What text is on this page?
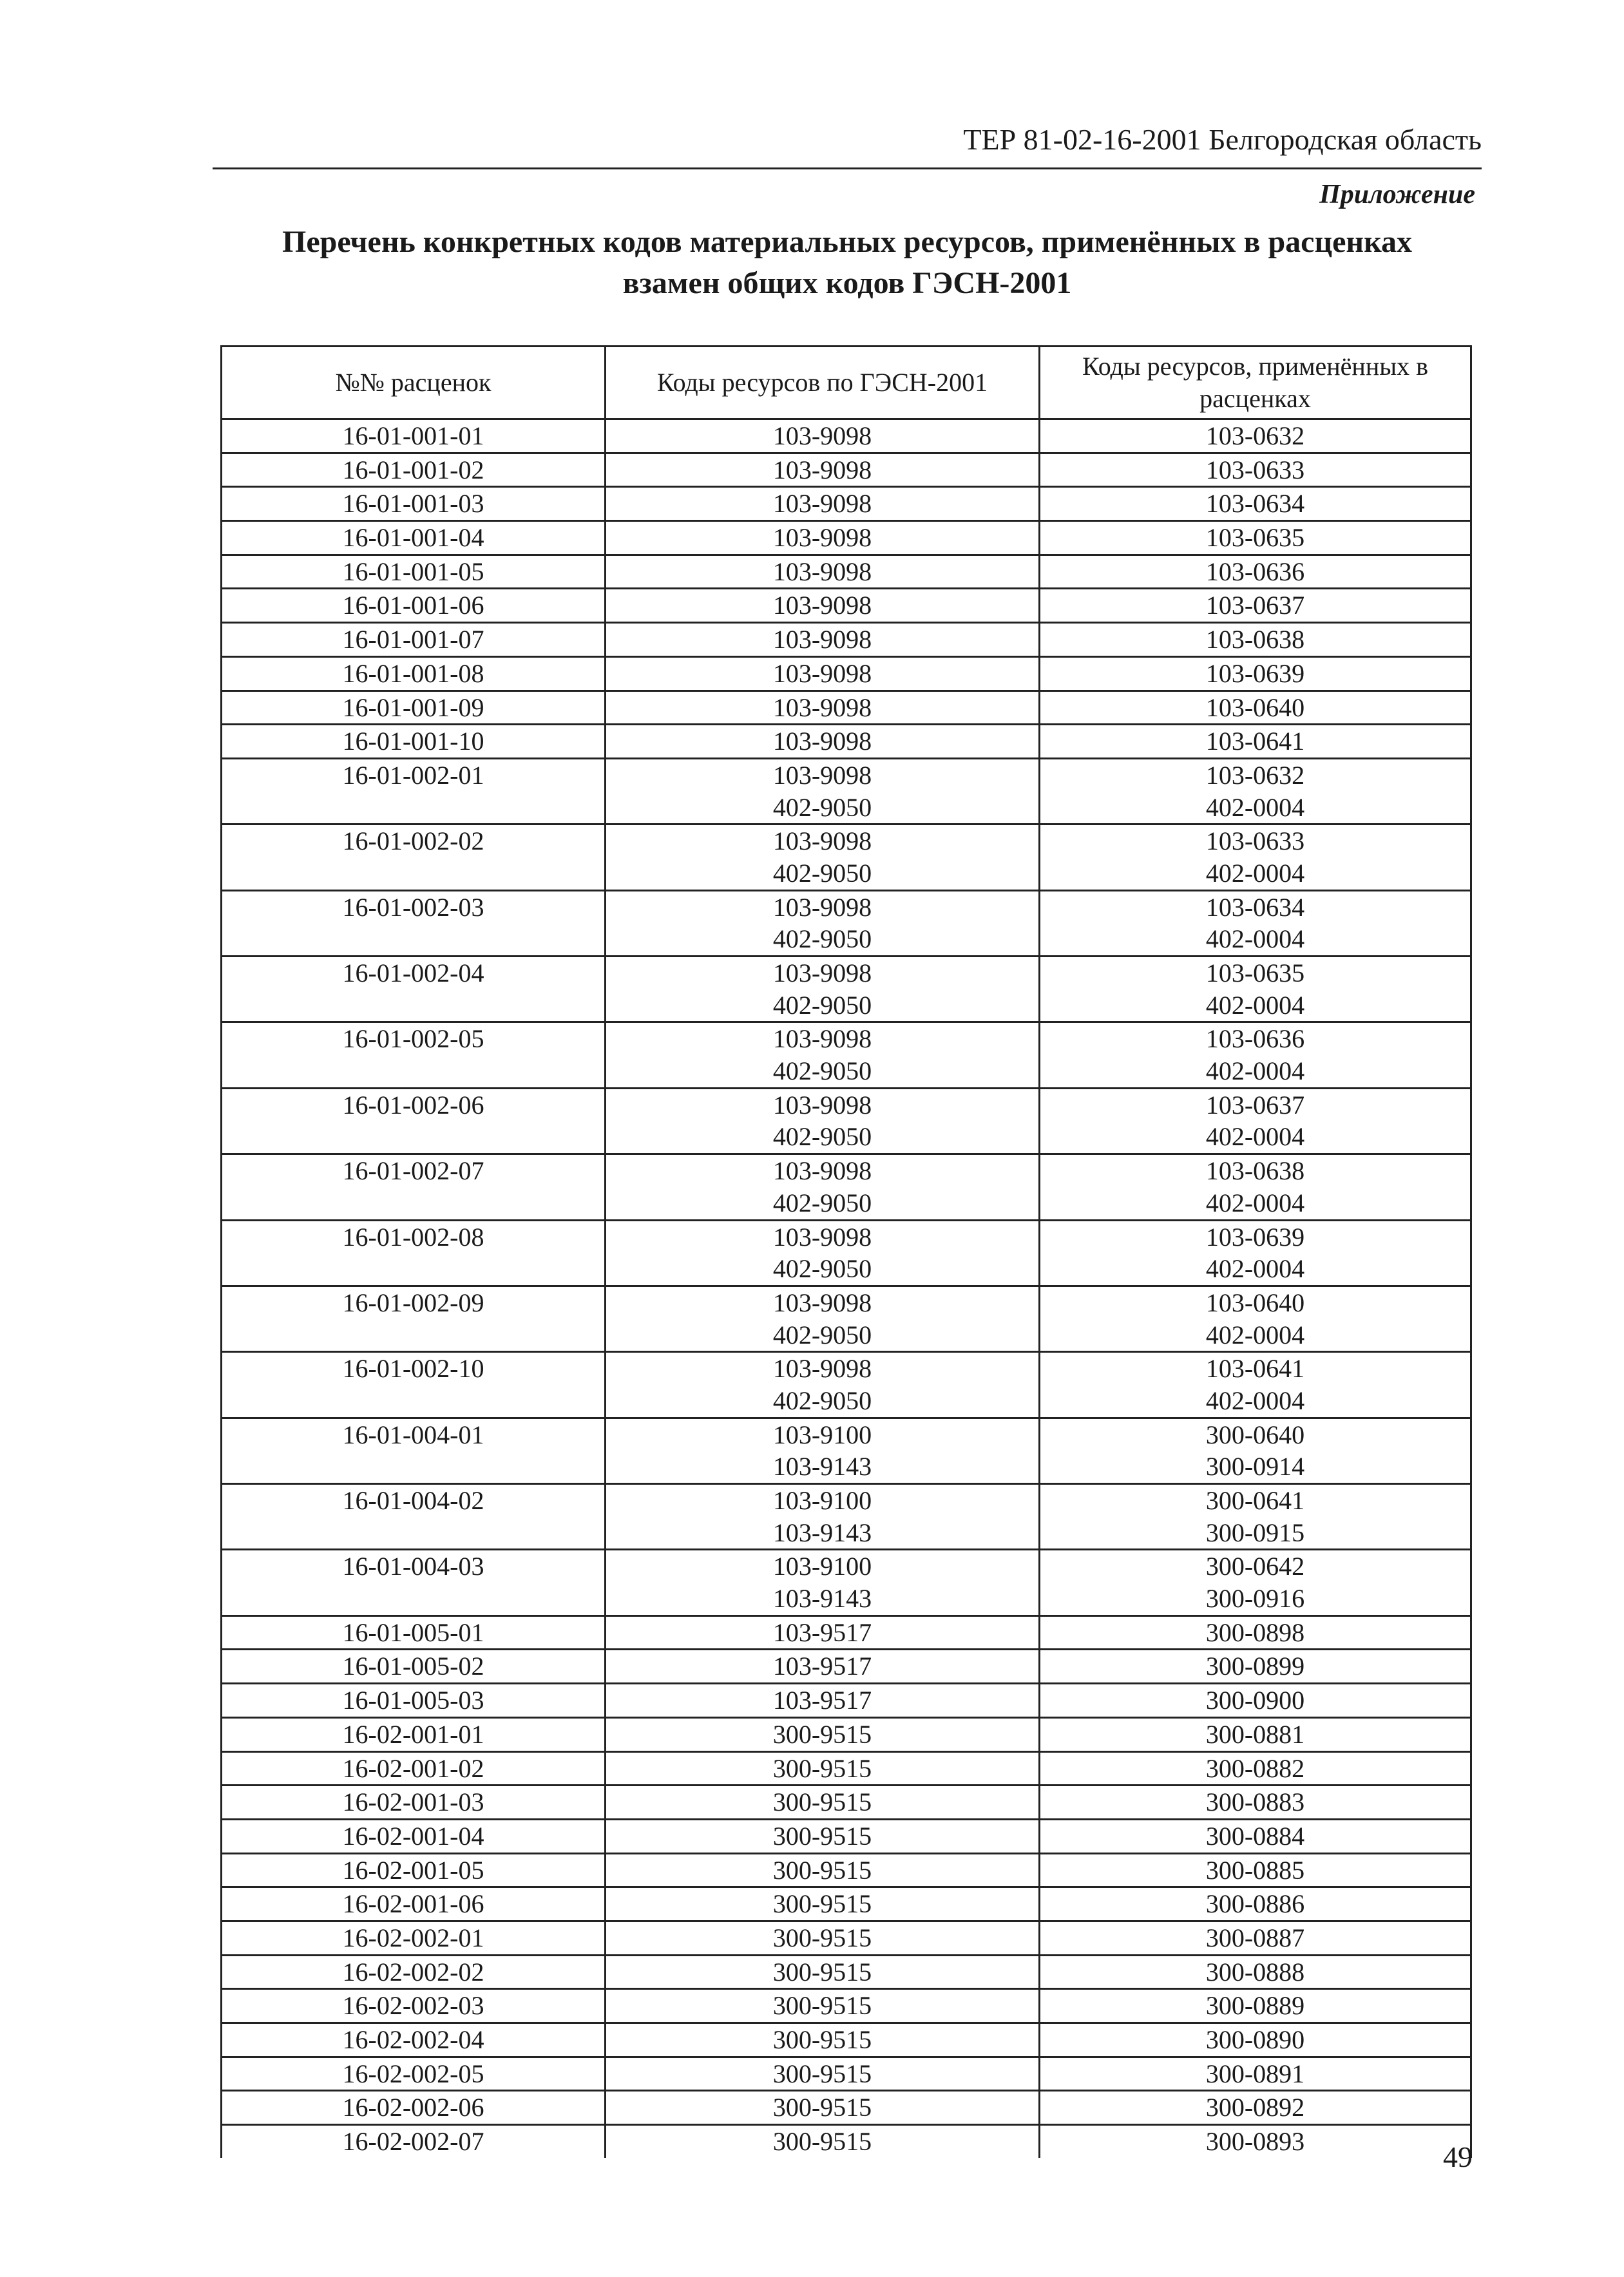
ТЕР 81-02-16-2001 Белгородская область
Приложение
Перечень конкретных кодов материальных ресурсов, применённых в расценках
взамен общих кодов ГЭСН-2001
№№ расценок	Коды ресурсов по ГЭСН-2001	Коды ресурсов, применённых в расценках
16-01-001-01	103-9098	103-0632
16-01-001-02	103-9098	103-0633
16-01-001-03	103-9098	103-0634
16-01-001-04	103-9098	103-0635
16-01-001-05	103-9098	103-0636
16-01-001-06	103-9098	103-0637
16-01-001-07	103-9098	103-0638
16-01-001-08	103-9098	103-0639
16-01-001-09	103-9098	103-0640
16-01-001-10	103-9098	103-0641
16-01-002-01	103-9098	103-0632
	402-9050	402-0004
16-01-002-02	103-9098	103-0633
	402-9050	402-0004
16-01-002-03	103-9098	103-0634
	402-9050	402-0004
16-01-002-04	103-9098	103-0635
	402-9050	402-0004
16-01-002-05	103-9098	103-0636
	402-9050	402-0004
16-01-002-06	103-9098	103-0637
	402-9050	402-0004
16-01-002-07	103-9098	103-0638
	402-9050	402-0004
16-01-002-08	103-9098	103-0639
	402-9050	402-0004
16-01-002-09	103-9098	103-0640
	402-9050	402-0004
16-01-002-10	103-9098	103-0641
	402-9050	402-0004
16-01-004-01	103-9100	300-0640
	103-9143	300-0914
16-01-004-02	103-9100	300-0641
	103-9143	300-0915
16-01-004-03	103-9100	300-0642
	103-9143	300-0916
16-01-005-01	103-9517	300-0898
16-01-005-02	103-9517	300-0899
16-01-005-03	103-9517	300-0900
16-02-001-01	300-9515	300-0881
16-02-001-02	300-9515	300-0882
16-02-001-03	300-9515	300-0883
16-02-001-04	300-9515	300-0884
16-02-001-05	300-9515	300-0885
16-02-001-06	300-9515	300-0886
16-02-002-01	300-9515	300-0887
16-02-002-02	300-9515	300-0888
16-02-002-03	300-9515	300-0889
16-02-002-04	300-9515	300-0890
16-02-002-05	300-9515	300-0891
16-02-002-06	300-9515	300-0892
16-02-002-07	300-9515	300-0893	49
